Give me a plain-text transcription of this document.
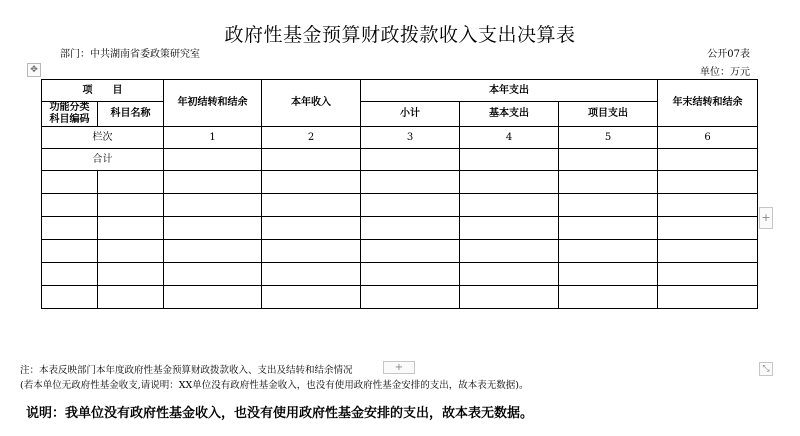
政府性基金预算财政拨款收入支出决算表
部门：中共湖南省委政策研究室	公开07表
单位：万元
✥
项　　目		年初结转和结余	本年收入	本年支出			年末结转和结余
功能分类
科目编码	科目名称			小计	基本支出	项目支出	

栏次		1	2	3	4	5	6
合计							

+
注：本表反映部门本年度政府性基金预算财政拨款收入、支出及结转和结余情况	+	⤡
(若本单位无政府性基金收支,请说明：XX单位没有政府性基金收入，也没有使用政府性基金安排的支出，故本表无数据)。
说明：我单位没有政府性基金收入，也没有使用政府性基金安排的支出，故本表无数据。
